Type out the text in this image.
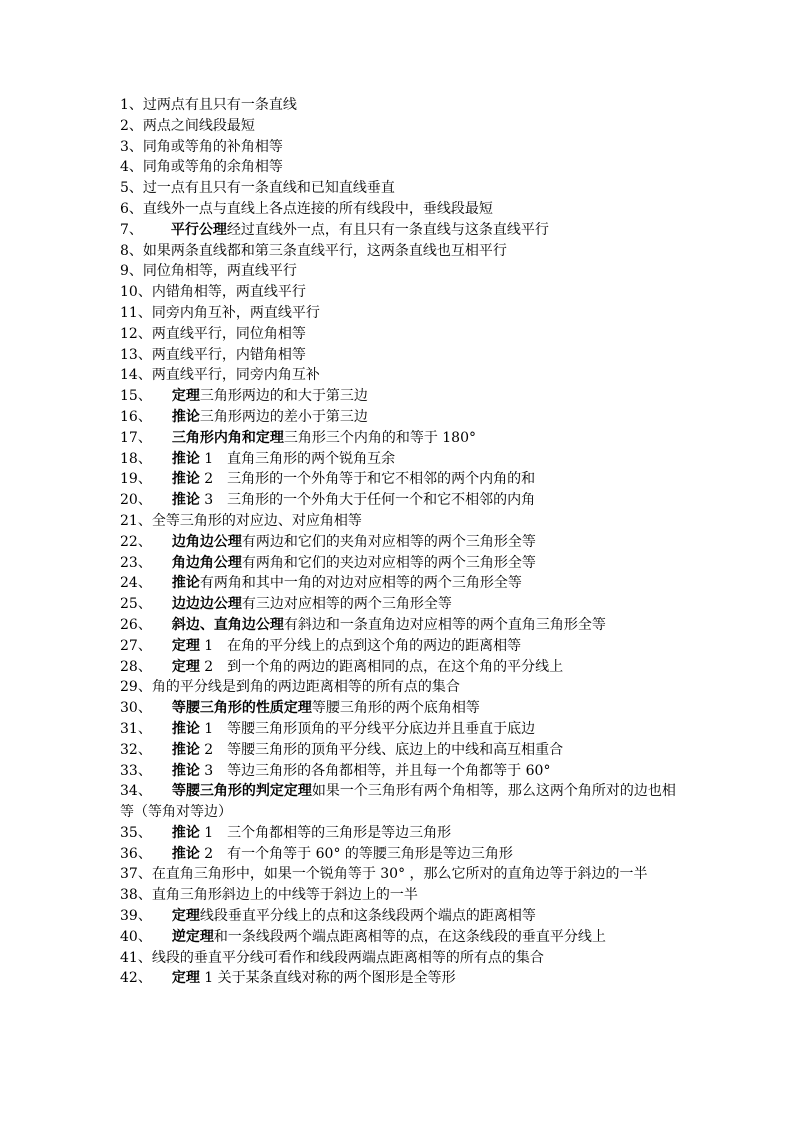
1、过两点有且只有一条直线
2、两点之间线段最短
3、同角或等角的补角相等
4、同角或等角的余角相等
5、过一点有且只有一条直线和已知直线垂直
6、直线外一点与直线上各点连接的所有线段中，垂线段最短
7、 平行公理经过直线外一点，有且只有一条直线与这条直线平行
8、如果两条直线都和第三条直线平行，这两条直线也互相平行
9、同位角相等，两直线平行
10、内错角相等，两直线平行
11、同旁内角互补，两直线平行
12、两直线平行，同位角相等
13、两直线平行，内错角相等
14、两直线平行，同旁内角互补
15、 定理三角形两边的和大于第三边
16、 推论三角形两边的差小于第三边
17、 三角形内角和定理三角形三个内角的和等于 180°
18、 推论 1　直角三角形的两个锐角互余
19、 推论 2　三角形的一个外角等于和它不相邻的两个内角的和
20、 推论 3　三角形的一个外角大于任何一个和它不相邻的内角
21、全等三角形的对应边、对应角相等
22、 边角边公理有两边和它们的夹角对应相等的两个三角形全等
23、 角边角公理有两角和它们的夹边对应相等的两个三角形全等
24、 推论有两角和其中一角的对边对应相等的两个三角形全等
25、 边边边公理有三边对应相等的两个三角形全等
26、 斜边、直角边公理有斜边和一条直角边对应相等的两个直角三角形全等
27、 定理 1　在角的平分线上的点到这个角的两边的距离相等
28、 定理 2　到一个角的两边的距离相同的点，在这个角的平分线上
29、角的平分线是到角的两边距离相等的所有点的集合
30、 等腰三角形的性质定理等腰三角形的两个底角相等
31、 推论 1　等腰三角形顶角的平分线平分底边并且垂直于底边
32、 推论 2　等腰三角形的顶角平分线、底边上的中线和高互相重合
33、 推论 3　等边三角形的各角都相等，并且每一个角都等于 60°
34、 等腰三角形的判定定理如果一个三角形有两个角相等，那么这两个角所对的边也相等（等角对等边）
35、 推论 1　三个角都相等的三角形是等边三角形
36、 推论 2　有一个角等于 60° 的等腰三角形是等边三角形
37、在直角三角形中，如果一个锐角等于 30° ，那么它所对的直角边等于斜边的一半
38、直角三角形斜边上的中线等于斜边上的一半
39、 定理线段垂直平分线上的点和这条线段两个端点的距离相等
40、 逆定理和一条线段两个端点距离相等的点，在这条线段的垂直平分线上
41、线段的垂直平分线可看作和线段两端点距离相等的所有点的集合
42、 定理 1 关于某条直线对称的两个图形是全等形
